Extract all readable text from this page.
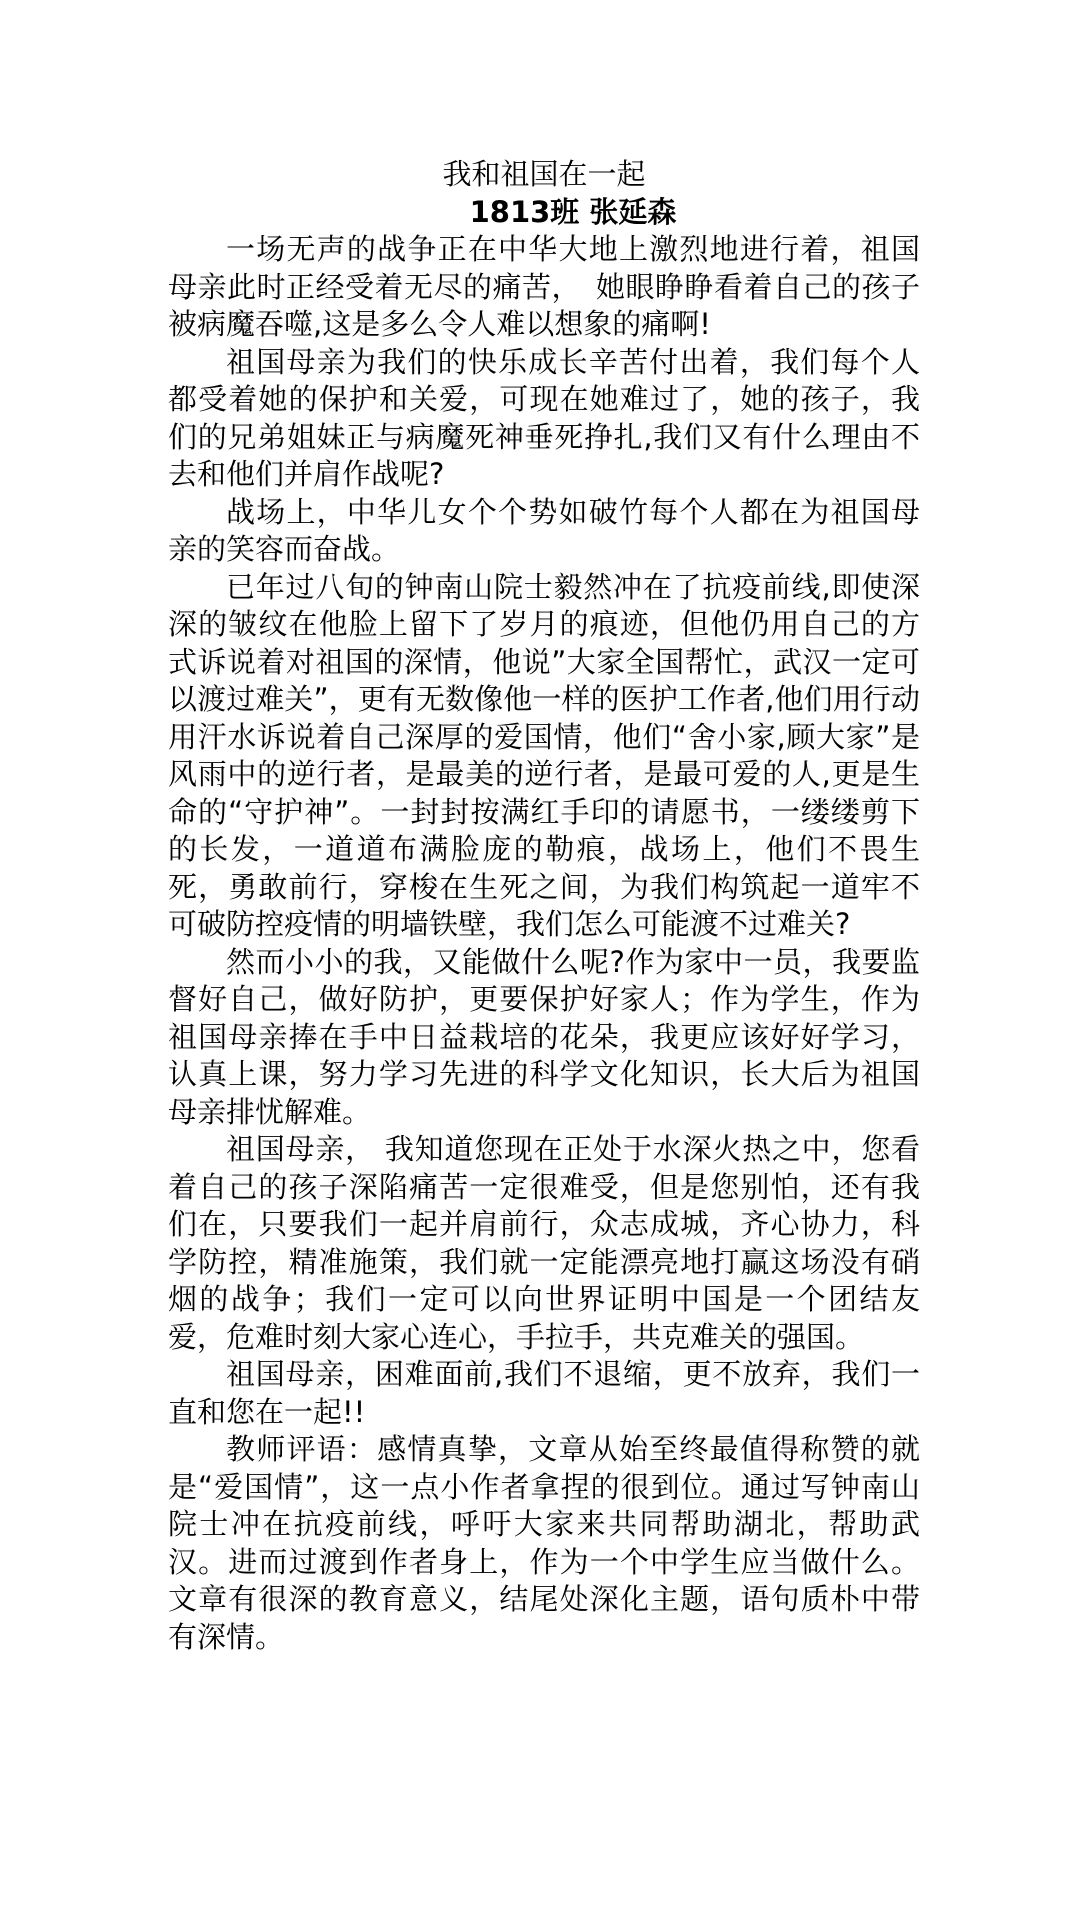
我和祖国在一起

1813班 张延森

一场无声的战争正在中华大地上激烈地进行着，祖国母亲此时正经受着无尽的痛苦，　她眼睁睁看着自己的孩子被病魔吞噬,这是多么令人难以想象的痛啊!

祖国母亲为我们的快乐成长辛苦付出着，我们每个人都受着她的保护和关爱，可现在她难过了，她的孩子，我们的兄弟姐妹正与病魔死神垂死挣扎,我们又有什么理由不去和他们并肩作战呢?

战场上，中华儿女个个势如破竹每个人都在为祖国母亲的笑容而奋战。

已年过八旬的钟南山院士毅然冲在了抗疫前线,即使深深的皱纹在他脸上留下了岁月的痕迹，但他仍用自己的方式诉说着对祖国的深情，他说”大家全国帮忙，武汉一定可以渡过难关”，更有无数像他一样的医护工作者,他们用行动用汗水诉说着自己深厚的爱国情，他们“舍小家,顾大家”是风雨中的逆行者，是最美的逆行者，是最可爱的人,更是生命的“守护神”。一封封按满红手印的请愿书，一缕缕剪下的长发，一道道布满脸庞的勒痕，战场上，他们不畏生死，勇敢前行，穿梭在生死之间，为我们构筑起一道牢不可破防控疫情的明墙铁壁，我们怎么可能渡不过难关?

然而小小的我，又能做什么呢?作为家中一员，我要监督好自己，做好防护，更要保护好家人；作为学生，作为祖国母亲捧在手中日益栽培的花朵，我更应该好好学习，认真上课，努力学习先进的科学文化知识，长大后为祖国母亲排忧解难。

祖国母亲， 我知道您现在正处于水深火热之中，您看着自己的孩子深陷痛苦一定很难受，但是您别怕，还有我们在，只要我们一起并肩前行，众志成城，齐心协力，科学防控，精准施策，我们就一定能漂亮地打赢这场没有硝烟的战争；我们一定可以向世界证明中国是一个团结友爱，危难时刻大家心连心，手拉手，共克难关的强国。

祖国母亲，困难面前,我们不退缩，更不放弃，我们一直和您在一起!!

教师评语：感情真挚，文章从始至终最值得称赞的就是“爱国情”，这一点小作者拿捏的很到位。通过写钟南山院士冲在抗疫前线，呼吁大家来共同帮助湖北，帮助武汉。进而过渡到作者身上，作为一个中学生应当做什么。文章有很深的教育意义，结尾处深化主题，语句质朴中带有深情。
